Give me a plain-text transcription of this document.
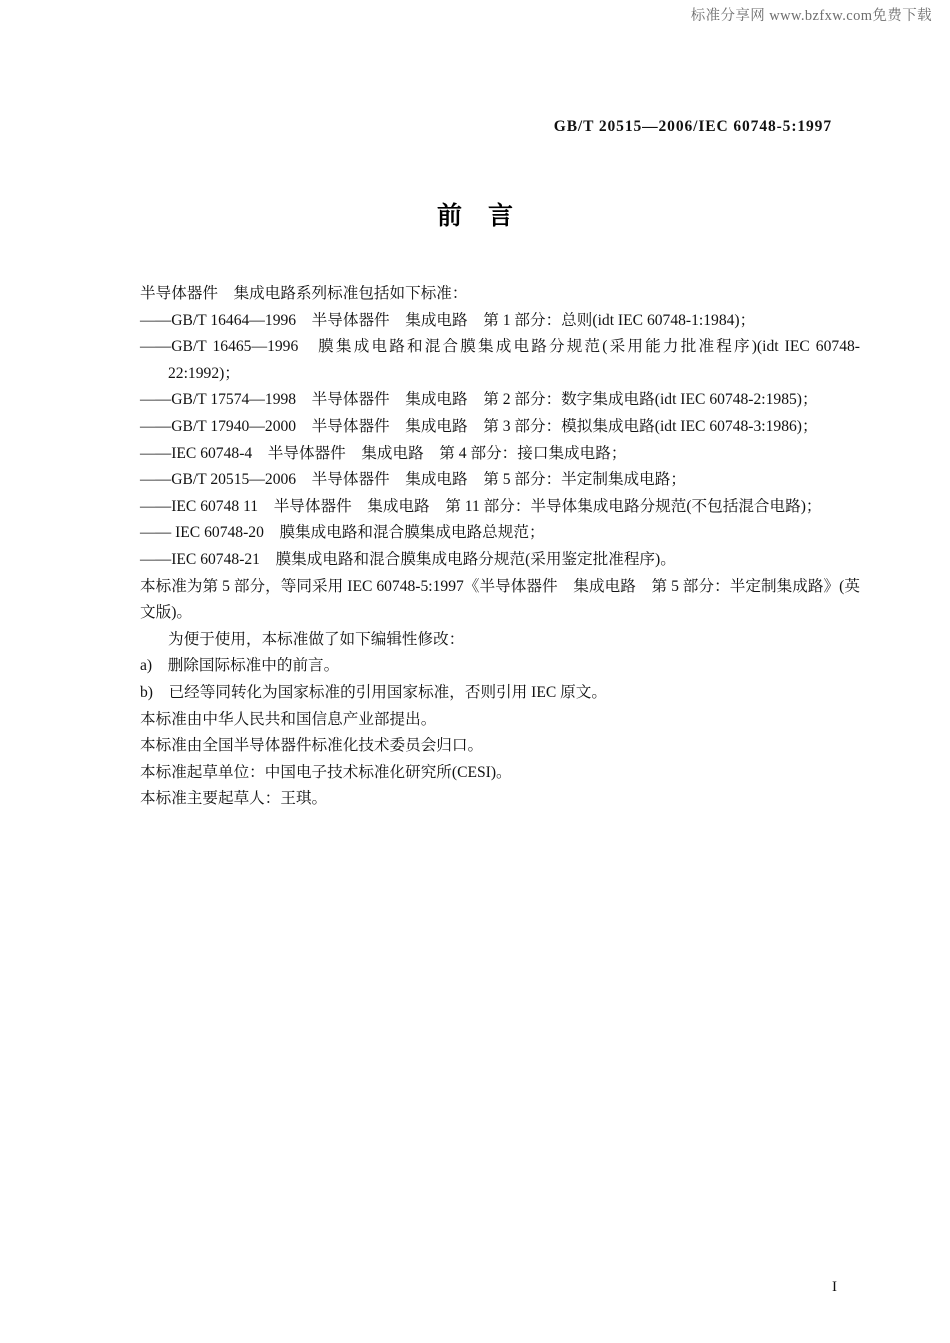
标准分享网 www.bzfxw.com免费下载
GB/T 20515—2006/IEC 60748-5:1997
前言

半导体器件　集成电路系列标准包括如下标准：

——GB/T 16464—1996　半导体器件　集成电路　第 1 部分：总则(idt IEC 60748-1:1984)；

——GB/T 16465—1996　膜集成电路和混合膜集成电路分规范(采用能力批准程序)(idt IEC 60748-22:1992)；

——GB/T 17574—1998　半导体器件　集成电路　第 2 部分：数字集成电路(idt IEC 60748-2:1985)；

——GB/T 17940—2000　半导体器件　集成电路　第 3 部分：模拟集成电路(idt IEC 60748-3:1986)；

——IEC 60748-4　半导体器件　集成电路　第 4 部分：接口集成电路；

——GB/T 20515—2006　半导体器件　集成电路　第 5 部分：半定制集成电路；

——IEC 60748 11　半导体器件　集成电路　第 11 部分：半导体集成电路分规范(不包括混合电路)；

—— IEC 60748-20　膜集成电路和混合膜集成电路总规范；

——IEC 60748-21　膜集成电路和混合膜集成电路分规范(采用鉴定批准程序)。

本标准为第 5 部分，等同采用 IEC 60748-5:1997《半导体器件　集成电路　第 5 部分：半定制集成路》(英文版)。

为便于使用，本标准做了如下编辑性修改：

a)　删除国际标准中的前言。

b)　已经等同转化为国家标准的引用国家标准，否则引用 IEC 原文。

本标准由中华人民共和国信息产业部提出。

本标准由全国半导体器件标准化技术委员会归口。

本标准起草单位：中国电子技术标准化研究所(CESI)。

本标准主要起草人：王琪。

I
